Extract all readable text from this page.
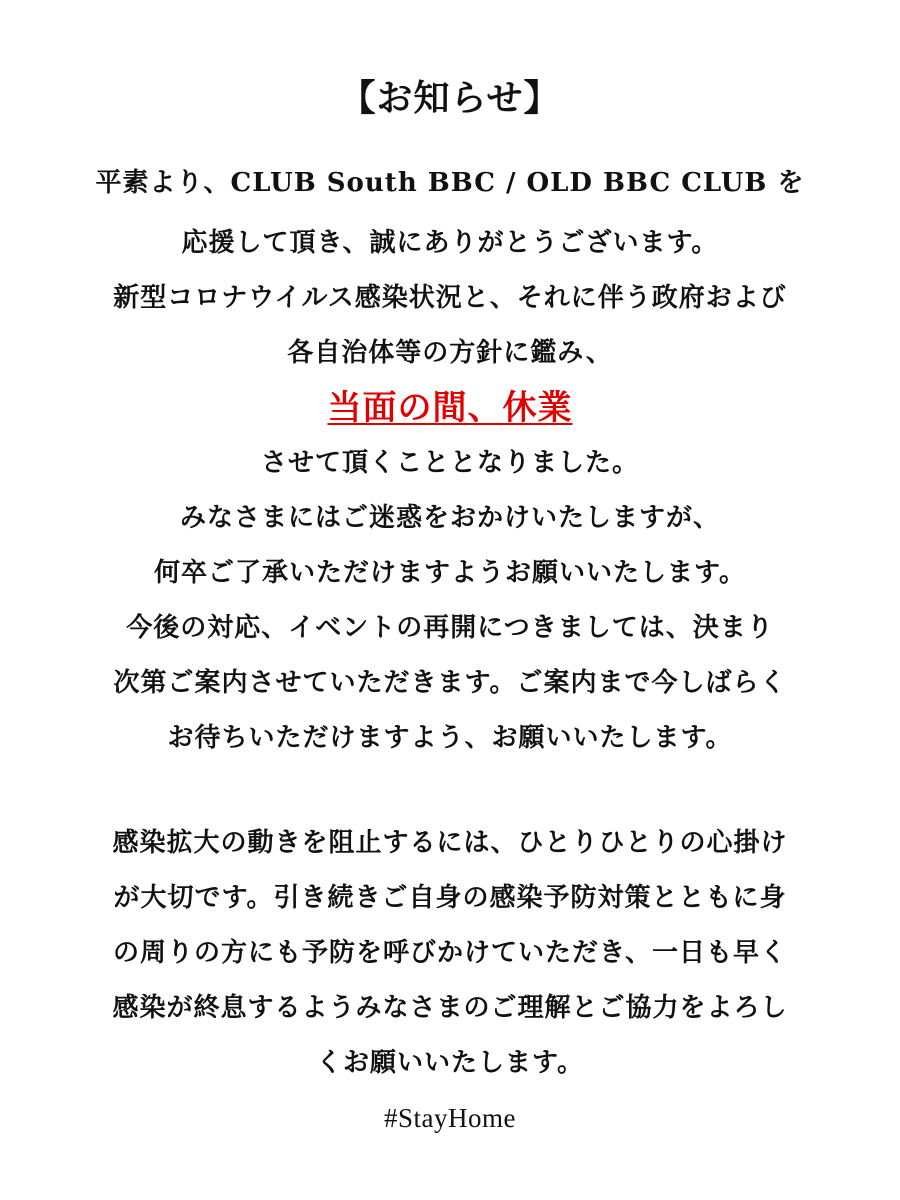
【お知らせ】
平素より、CLUB South BBC / OLD BBC CLUB を
応援して頂き、誠にありがとうございます。
新型コロナウイルス感染状況と、それに伴う政府および
各自治体等の方針に鑑み、
当面の間、休業
させて頂くこととなりました。
みなさまにはご迷惑をおかけいたしますが、
何卒ご了承いただけますようお願いいたします。
今後の対応、イベントの再開につきましては、決まり
次第ご案内させていただきます。ご案内まで今しばらく
お待ちいただけますよう、お願いいたします。
感染拡大の動きを阻止するには、ひとりひとりの心掛け
が大切です。引き続きご自身の感染予防対策とともに身
の周りの方にも予防を呼びかけていただき、一日も早く
感染が終息するようみなさまのご理解とご協力をよろし
くお願いいたします。
#StayHome
